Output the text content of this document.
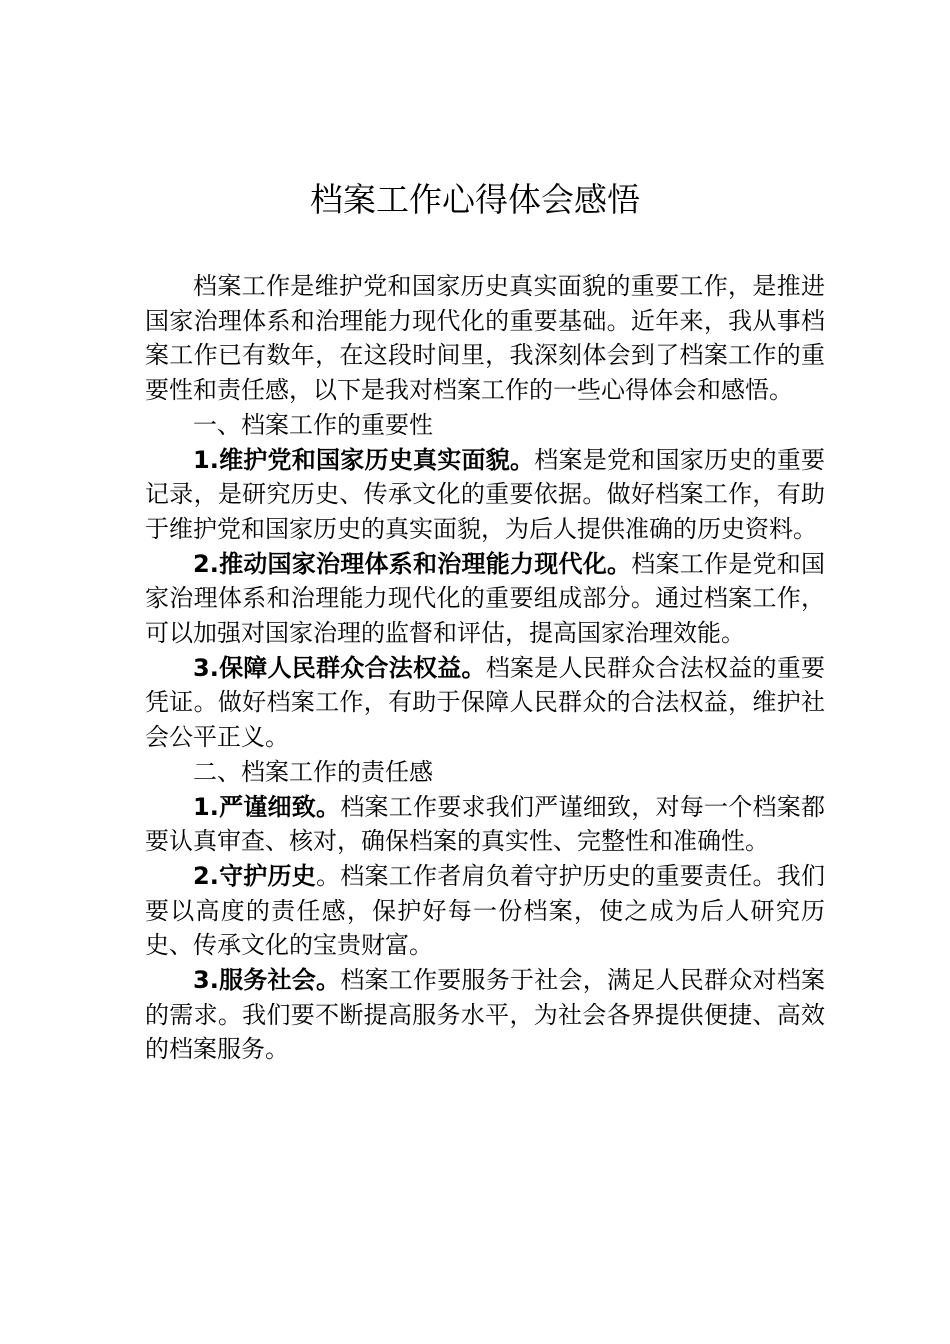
档案工作心得体会感悟

档案工作是维护党和国家历史真实面貌的重要工作，是推进国家治理体系和治理能力现代化的重要基础。近年来，我从事档案工作已有数年，在这段时间里，我深刻体会到了档案工作的重要性和责任感，以下是我对档案工作的一些心得体会和感悟。

一、档案工作的重要性

1.维护党和国家历史真实面貌。档案是党和国家历史的重要记录，是研究历史、传承文化的重要依据。做好档案工作，有助于维护党和国家历史的真实面貌，为后人提供准确的历史资料。

2.推动国家治理体系和治理能力现代化。档案工作是党和国家治理体系和治理能力现代化的重要组成部分。通过档案工作，可以加强对国家治理的监督和评估，提高国家治理效能。

3.保障人民群众合法权益。档案是人民群众合法权益的重要凭证。做好档案工作，有助于保障人民群众的合法权益，维护社会公平正义。

二、档案工作的责任感

1.严谨细致。档案工作要求我们严谨细致，对每一个档案都要认真审查、核对，确保档案的真实性、完整性和准确性。

2.守护历史。档案工作者肩负着守护历史的重要责任。我们要以高度的责任感，保护好每一份档案，使之成为后人研究历史、传承文化的宝贵财富。

3.服务社会。档案工作要服务于社会，满足人民群众对档案的需求。我们要不断提高服务水平，为社会各界提供便捷、高效的档案服务。
